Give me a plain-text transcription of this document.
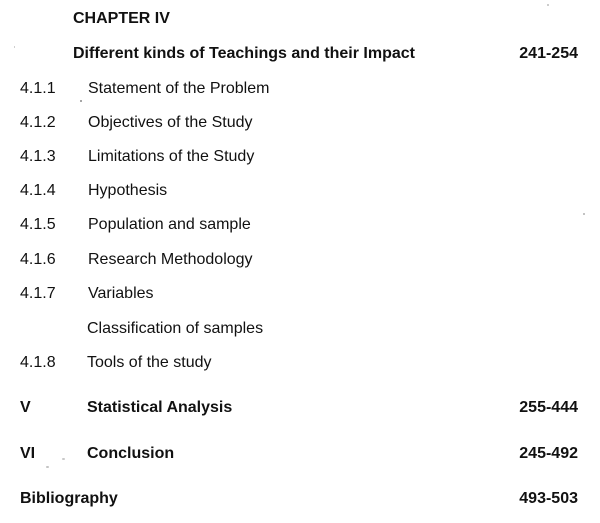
CHAPTER IV
Different kinds of Teachings and their Impact	241-254
4.1.1 Statement of the Problem
4.1.2 Objectives of the Study
4.1.3 Limitations of the Study
4.1.4 Hypothesis
4.1.5 Population and sample
4.1.6 Research Methodology
4.1.7 Variables
Classification of samples
4.1.8 Tools of the study
V	Statistical Analysis	255-444
VI	Conclusion	245-492
Bibliography	493-503
